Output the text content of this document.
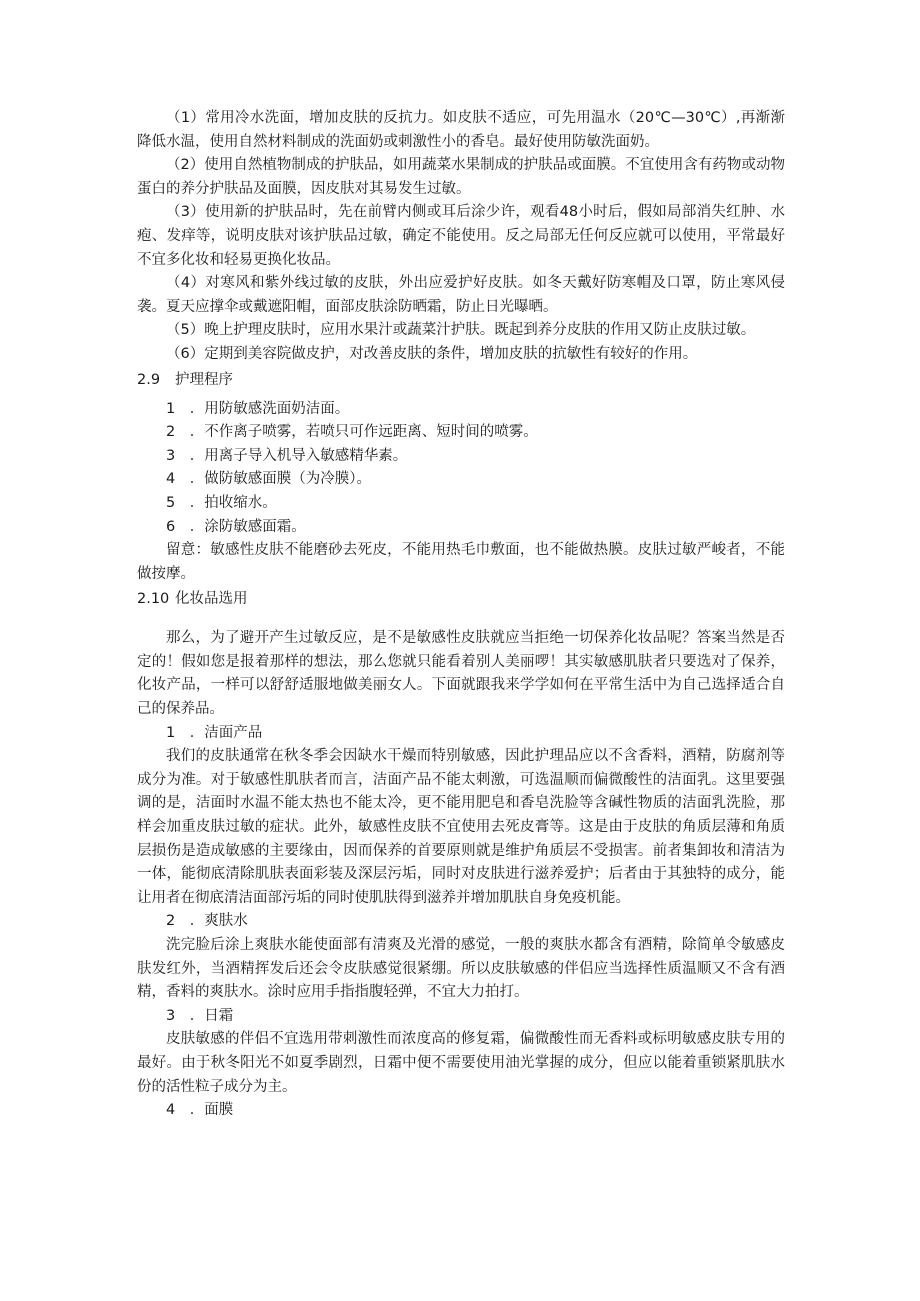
（1）常用冷水洗面，增加皮肤的反抗力。如皮肤不适应，可先用温水（20℃—30℃）,再渐渐降低水温，使用自然材料制成的洗面奶或刺激性小的香皂。最好使用防敏洗面奶。

（2）使用自然植物制成的护肤品，如用蔬菜水果制成的护肤品或面膜。不宜使用含有药物或动物蛋白的养分护肤品及面膜，因皮肤对其易发生过敏。

（3）使用新的护肤品时，先在前臂内侧或耳后涂少许，观看48小时后，假如局部消失红肿、水疱、发痒等，说明皮肤对该护肤品过敏，确定不能使用。反之局部无任何反应就可以使用，平常最好不宜多化妆和轻易更换化妆品。

（4）对寒风和紫外线过敏的皮肤，外出应爱护好皮肤。如冬天戴好防寒帽及口罩，防止寒风侵袭。夏天应撑伞或戴遮阳帽，面部皮肤涂防晒霜，防止日光曝晒。

（5）晚上护理皮肤时，应用水果汁或蔬菜汁护肤。既起到养分皮肤的作用又防止皮肤过敏。

（6）定期到美容院做皮护，对改善皮肤的条件，增加皮肤的抗敏性有较好的作用。

2.9 护理程序

1　．用防敏感洗面奶洁面。

2　．不作离子喷雾，若喷只可作远距离、短时间的喷雾。

3　．用离子导入机导入敏感精华素。

4　．做防敏感面膜（为冷膜）。

5　．拍收缩水。

6　．涂防敏感面霜。

留意：敏感性皮肤不能磨砂去死皮，不能用热毛巾敷面，也不能做热膜。皮肤过敏严峻者，不能做按摩。

2.10 化妆品选用

那么，为了避开产生过敏反应，是不是敏感性皮肤就应当拒绝一切保养化妆品呢？答案当然是否定的！假如您是报着那样的想法，那么您就只能看着别人美丽啰！其实敏感肌肤者只要选对了保养，化妆产品，一样可以舒舒适服地做美丽女人。下面就跟我来学学如何在平常生活中为自己选择适合自己的保养品。

1　．洁面产品

我们的皮肤通常在秋冬季会因缺水干燥而特别敏感，因此护理品应以不含香料，酒精，防腐剂等成分为准。对于敏感性肌肤者而言，洁面产品不能太刺激，可选温顺而偏微酸性的洁面乳。这里要强调的是，洁面时水温不能太热也不能太冷，更不能用肥皂和香皂洗脸等含碱性物质的洁面乳洗脸，那样会加重皮肤过敏的症状。此外，敏感性皮肤不宜使用去死皮膏等。这是由于皮肤的角质层薄和角质层损伤是造成敏感的主要缘由，因而保养的首要原则就是维护角质层不受损害。前者集卸妆和清洁为一体，能彻底清除肌肤表面彩装及深层污垢，同时对皮肤进行滋养爱护；后者由于其独特的成分，能让用者在彻底清洁面部污垢的同时使肌肤得到滋养并增加肌肤自身免疫机能。

2　．爽肤水

洗完脸后涂上爽肤水能使面部有清爽及光滑的感觉，一般的爽肤水都含有酒精，除简单令敏感皮肤发红外，当酒精挥发后还会令皮肤感觉很紧绷。所以皮肤敏感的伴侣应当选择性质温顺又不含有酒精，香料的爽肤水。涂时应用手指指腹轻弹，不宜大力拍打。

3　．日霜

皮肤敏感的伴侣不宜选用带刺激性而浓度高的修复霜，偏微酸性而无香料或标明敏感皮肤专用的最好。由于秋冬阳光不如夏季剧烈，日霜中便不需要使用油光掌握的成分，但应以能着重锁紧肌肤水份的活性粒子成分为主。

4　．面膜
